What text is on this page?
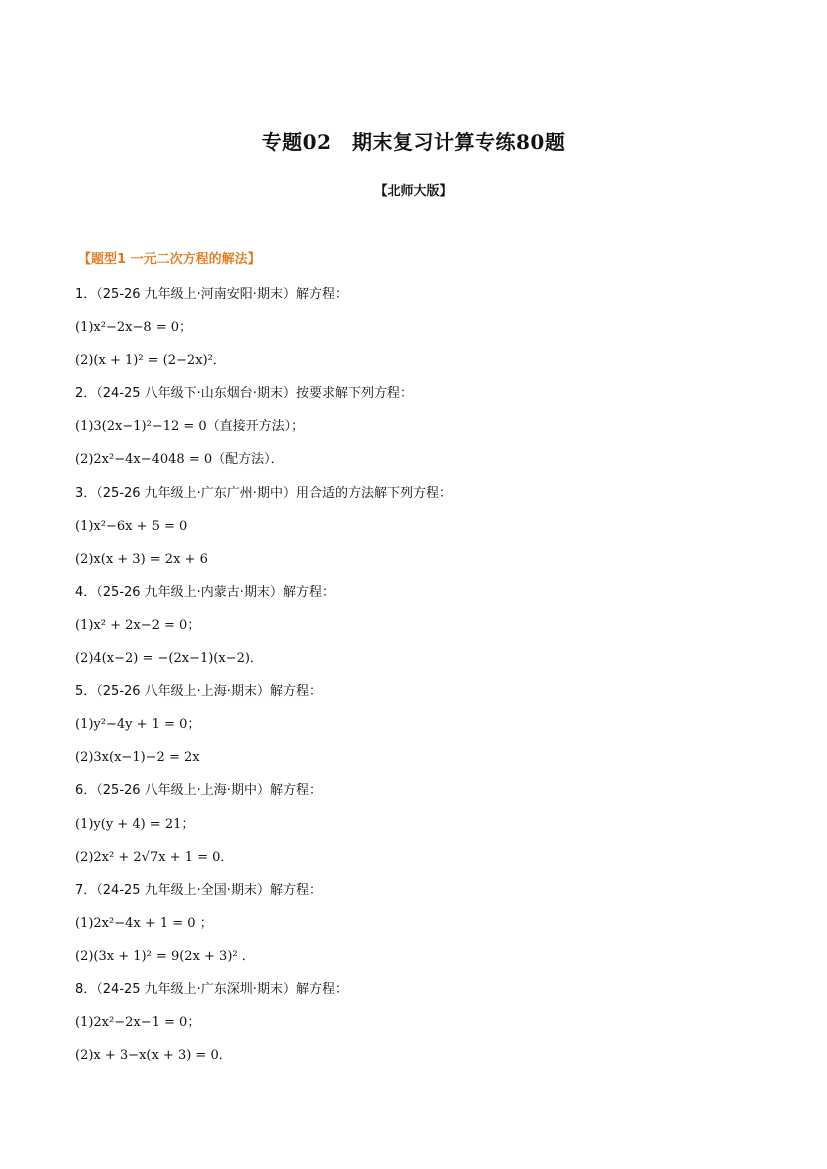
专题02　期末复习计算专练80题
【北师大版】
【题型1 一元二次方程的解法】
1．（25-26 九年级上·河南安阳·期末）解方程：
(1)x²−2x−8 = 0；
(2)(x + 1)² = (2−2x)²．
2．（24-25 八年级下·山东烟台·期末）按要求解下列方程：
(1)3(2x−1)²−12 = 0（直接开方法）；
(2)2x²−4x−4048 = 0（配方法）．
3．（25-26 九年级上·广东广州·期中）用合适的方法解下列方程：
(1)x²−6x + 5 = 0
(2)x(x + 3) = 2x + 6
4．（25-26 九年级上·内蒙古·期末）解方程：
(1)x² + 2x−2 = 0；
(2)4(x−2) = −(2x−1)(x−2)．
5．（25-26 八年级上·上海·期末）解方程：
(1)y²−4y + 1 = 0；
(2)3x(x−1)−2 = 2x
6．（25-26 八年级上·上海·期中）解方程：
(1)y(y + 4) = 21；
(2)2x² + 2√7x + 1 = 0．
7．（24-25 九年级上·全国·期末）解方程：
(1)2x²−4x + 1 = 0 ；
(2)(3x + 1)² = 9(2x + 3)² ．
8．（24-25 九年级上·广东深圳·期末）解方程：
(1)2x²−2x−1 = 0；
(2)x + 3−x(x + 3) = 0．
